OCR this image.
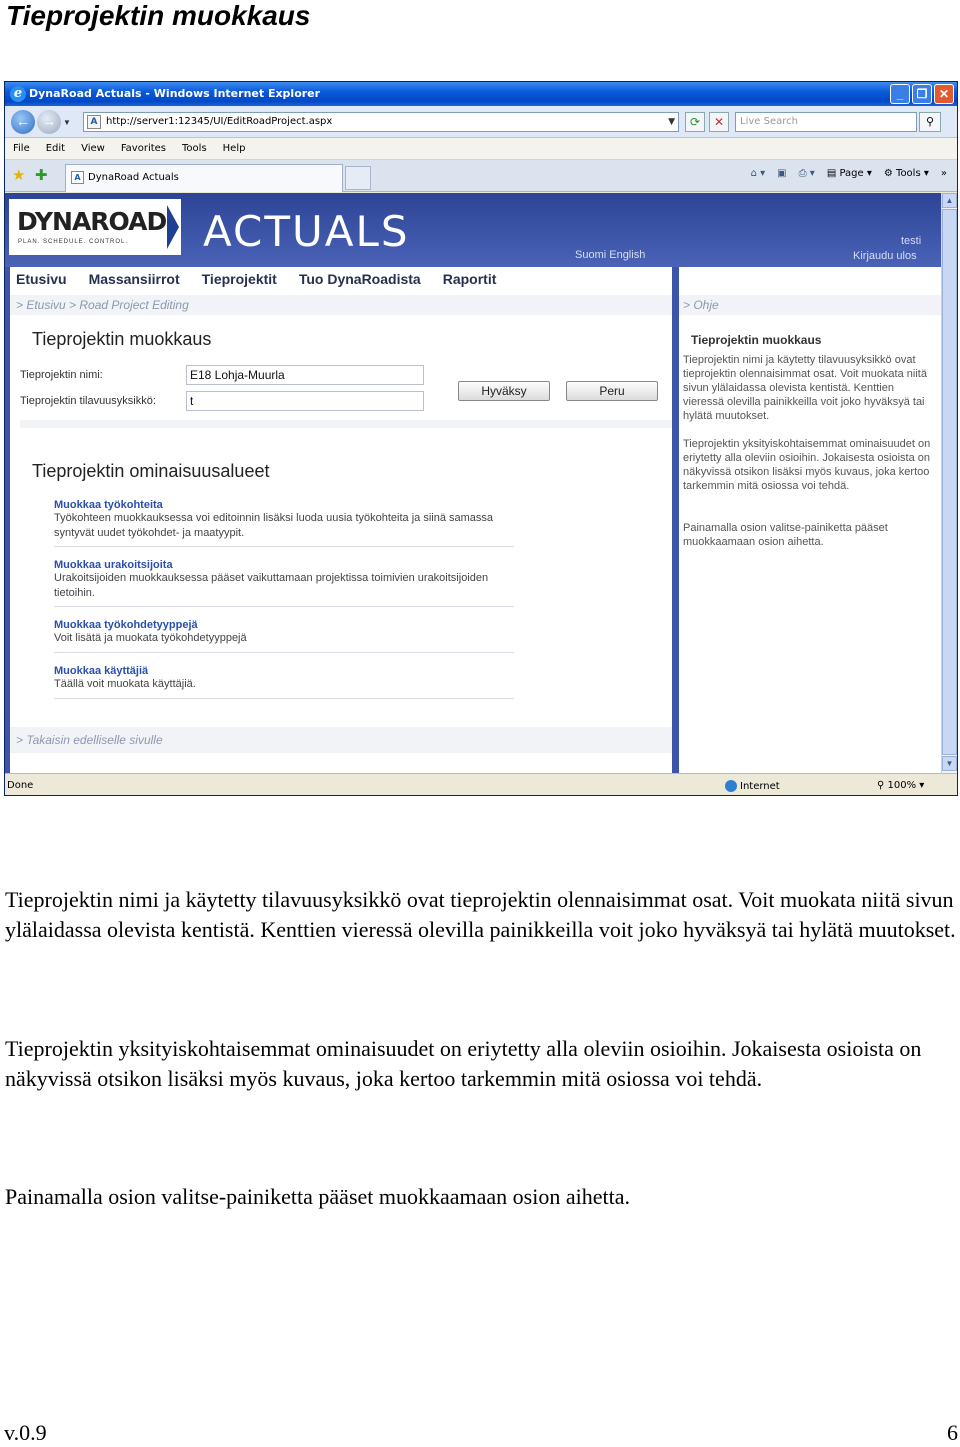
Tieprojektin muokkaus
e DynaRoad Actuals - Windows Internet Explorer	_	❐ ✕
← → ▼	A http://server1:12345/UI/EditRoadProject.aspx	▼	⟳	✕	Live Search	⚲
File Edit View Favorites Tools Help
★ ✚	A DynaRoad Actuals	⌂ ▾ ▣ ⎙ ▾ ▤ Page ▾ ⚙ Tools ▾ »
DYNAROAD
PLAN. SCHEDULE. CONTROL. ACTUALS	Suomi English
testi
Kirjaudu ulos
Etusivu Massansiirrot Tieprojektit Tuo DynaRoadista Raportit
> Etusivu > Road Project Editing
Tieprojektin muokkaus
Tieprojektin nimi:	E18 Lohja-Muurla
Tieprojektin tilavuusyksikkö:	t
Hyväksy	Peru
Tieprojektin ominaisuusalueet
Muokkaa työkohteita
Työkohteen muokkauksessa voi editoinnin lisäksi luoda uusia työkohteita ja siinä samassa syntyvät uudet työkohdet- ja maatyypit.
Muokkaa urakoitsijoita
Urakoitsijoiden muokkauksessa pääset vaikuttamaan projektissa toimivien urakoitsijoiden tietoihin.
Muokkaa työkohdetyyppejä
Voit lisätä ja muokata työkohdetyyppejä
Muokkaa käyttäjiä
Täällä voit muokata käyttäjiä.
> Takaisin edelliselle sivulle
> Ohje
Tieprojektin muokkaus
Tieprojektin nimi ja käytetty tilavuusyksikkö ovat tieprojektin olennaisimmat osat. Voit muokata niitä sivun ylälaidassa olevista kentistä. Kenttien vieressä olevilla painikkeilla voit joko hyväksyä tai hylätä muutokset.
Tieprojektin yksityiskohtaisemmat ominaisuudet on eriytetty alla oleviin osioihin. Jokaisesta osioista on näkyvissä otsikon lisäksi myös kuvaus, joka kertoo tarkemmin mitä osiossa voi tehdä.
Painamalla osion valitse-painiketta pääset muokkaamaan osion aihetta.
▲
▼
Done	Internet	⚲ 100% ▾
Tieprojektin nimi ja käytetty tilavuusyksikkö ovat tieprojektin olennaisimmat osat. Voit muokata niitä sivun ylälaidassa olevista kentistä. Kenttien vieressä olevilla painikkeilla voit joko hyväksyä tai hylätä muutokset.
Tieprojektin yksityiskohtaisemmat ominaisuudet on eriytetty alla oleviin osioihin. Jokaisesta osioista on näkyvissä otsikon lisäksi myös kuvaus, joka kertoo tarkemmin mitä osiossa voi tehdä.
Painamalla osion valitse-painiketta pääset muokkaamaan osion aihetta.
v.0.9	6
